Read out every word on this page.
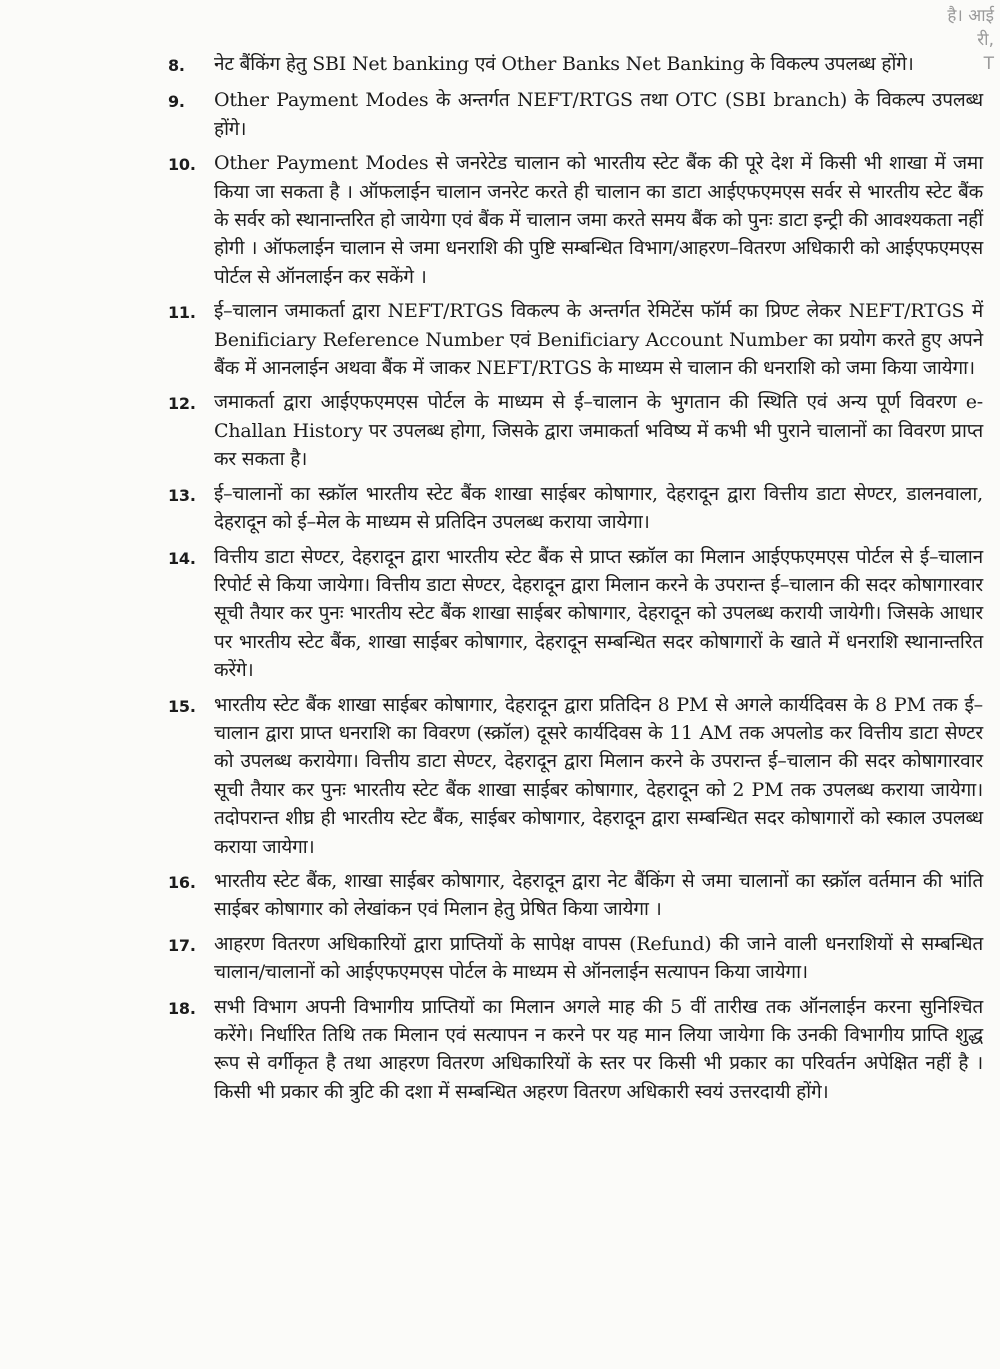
है। आई
री,
T
8.	नेट बैंकिंग हेतु SBI Net banking एवं Other Banks Net Banking के विकल्प उपलब्ध होंगे।
9.	Other Payment Modes के अन्तर्गत NEFT/RTGS तथा OTC (SBI branch) के विकल्प उपलब्ध होंगे।
10. Other Payment Modes से जनरेटेड चालान को भारतीय स्टेट बैंक की पूरे देश में किसी भी शाखा में जमा किया जा सकता है । ऑफलाईन चालान जनरेट करते ही चालान का डाटा आईएफएमएस सर्वर से भारतीय स्टेट बैंक के सर्वर को स्थानान्तरित हो जायेगा एवं बैंक में चालान जमा करते समय बैंक को पुनः डाटा इन्ट्री की आवश्यकता नहीं होगी । ऑफलाईन चालान से जमा धनराशि की पुष्टि सम्बन्धित विभाग/आहरण–वितरण अधिकारी को आईएफएमएस पोर्टल से ऑनलाईन कर सकेंगे ।
11. ई–चालान जमाकर्ता द्वारा NEFT/RTGS विकल्प के अन्तर्गत रेमिटेंस फॉर्म का प्रिण्ट लेकर NEFT/RTGS में Benificiary Reference Number एवं Benificiary Account Number का प्रयोग करते हुए अपने बैंक में आनलाईन अथवा बैंक में जाकर NEFT/RTGS के माध्यम से चालान की धनराशि को जमा किया जायेगा।
12. जमाकर्ता द्वारा आईएफएमएस पोर्टल के माध्यम से ई–चालान के भुगतान की स्थिति एवं अन्य पूर्ण विवरण e-Challan History पर उपलब्ध होगा, जिसके द्वारा जमाकर्ता भविष्य में कभी भी पुराने चालानों का विवरण प्राप्त कर सकता है।
13. ई–चालानों का स्क्रॉल भारतीय स्टेट बैंक शाखा साईबर कोषागार, देहरादून द्वारा वित्तीय डाटा सेण्टर, डालनवाला, देहरादून को ई–मेल के माध्यम से प्रतिदिन उपलब्ध कराया जायेगा।
14. वित्तीय डाटा सेण्टर, देहरादून द्वारा भारतीय स्टेट बैंक से प्राप्त स्क्रॉल का मिलान आईएफएमएस पोर्टल से ई–चालान रिपोर्ट से किया जायेगा। वित्तीय डाटा सेण्टर, देहरादून द्वारा मिलान करने के उपरान्त ई–चालान की सदर कोषागारवार सूची तैयार कर पुनः भारतीय स्टेट बैंक शाखा साईबर कोषागार, देहरादून को उपलब्ध करायी जायेगी। जिसके आधार पर भारतीय स्टेट बैंक, शाखा साईबर कोषागार, देहरादून सम्बन्धित सदर कोषागारों के खाते में धनराशि स्थानान्तरित करेंगे।
15. भारतीय स्टेट बैंक शाखा साईबर कोषागार, देहरादून द्वारा प्रतिदिन 8 PM से अगले कार्यदिवस के 8 PM तक ई–चालान द्वारा प्राप्त धनराशि का विवरण (स्क्रॉल) दूसरे कार्यदिवस के 11 AM तक अपलोड कर वित्तीय डाटा सेण्टर को उपलब्ध करायेगा। वित्तीय डाटा सेण्टर, देहरादून द्वारा मिलान करने के उपरान्त ई–चालान की सदर कोषागारवार सूची तैयार कर पुनः भारतीय स्टेट बैंक शाखा साईबर कोषागार, देहरादून को 2 PM तक उपलब्ध कराया जायेगा। तदोपरान्त शीघ्र ही भारतीय स्टेट बैंक, साईबर कोषागार, देहरादून द्वारा सम्बन्धित सदर कोषागारों को स्काल उपलब्ध कराया जायेगा।
16. भारतीय स्टेट बैंक, शाखा साईबर कोषागार, देहरादून द्वारा नेट बैंकिंग से जमा चालानों का स्क्रॉल वर्तमान की भांति साईबर कोषागार को लेखांकन एवं मिलान हेतु प्रेषित किया जायेगा ।
17. आहरण वितरण अधिकारियों द्वारा प्राप्तियों के सापेक्ष वापस (Refund) की जाने वाली धनराशियों से सम्बन्धित चालान/चालानों को आईएफएमएस पोर्टल के माध्यम से ऑनलाईन सत्यापन किया जायेगा।
18. सभी विभाग अपनी विभागीय प्राप्तियों का मिलान अगले माह की 5 वीं तारीख तक ऑनलाईन करना सुनिश्चित करेंगे। निर्धारित तिथि तक मिलान एवं सत्यापन न करने पर यह मान लिया जायेगा कि उनकी विभागीय प्राप्ति शुद्ध रूप से वर्गीकृत है तथा आहरण वितरण अधिकारियों के स्तर पर किसी भी प्रकार का परिवर्तन अपेक्षित नहीं है । किसी भी प्रकार की त्रुटि की दशा में सम्बन्धित अहरण वितरण अधिकारी स्वयं उत्तरदायी होंगे।
